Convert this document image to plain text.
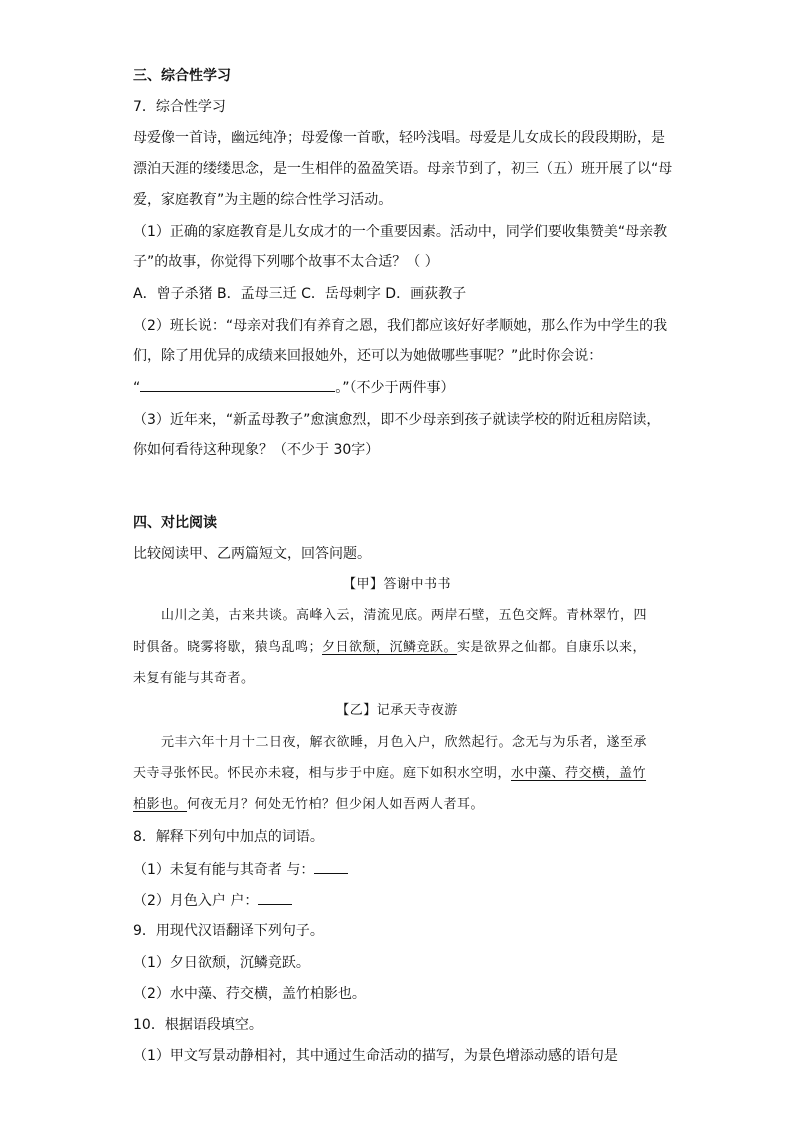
三、综合性学习
7．综合性学习
母爱像一首诗，幽远纯净；母爱像一首歌，轻吟浅唱。母爱是儿女成长的段段期盼，是
漂泊天涯的缕缕思念，是一生相伴的盈盈笑语。母亲节到了，初三（五）班开展了以“母
爱，家庭教育”为主题的综合性学习活动。
（1）正确的家庭教育是儿女成才的一个重要因素。活动中，同学们要收集赞美“母亲教
子”的故事，你觉得下列哪个故事不太合适？（ ）
A．曾子杀猪 B．孟母三迁 C．岳母刺字 D．画荻教子
（2）班长说：“母亲对我们有养育之恩，我们都应该好好孝顺她，那么作为中学生的我
们，除了用优异的成绩来回报她外，还可以为她做哪些事呢？”此时你会说：
“	。”（不少于两件事）
（3）近年来，“新孟母教子”愈演愈烈，即不少母亲到孩子就读学校的附近租房陪读，
你如何看待这种现象？（不少于 30字）
四、对比阅读
比较阅读甲、乙两篇短文，回答问题。
【甲】答谢中书书
山川之美，古来共谈。高峰入云，清流见底。两岸石壁，五色交辉。青林翠竹，四
时俱备。晓雾将歇，猿鸟乱鸣；夕日欲颓，沉鳞竞跃。实是欲界之仙都。自康乐以来，
未复有能与其奇者。
【乙】记承天寺夜游
元丰六年十月十二日夜，解衣欲睡，月色入户，欣然起行。念无与为乐者，遂至承
天寺寻张怀民。怀民亦未寝，相与步于中庭。庭下如积水空明，水中藻、荇交横，盖竹
柏影也。何夜无月？何处无竹柏？但少闲人如吾两人者耳。
8．解释下列句中加点的词语。
（1）未复有能与其奇者 与：
（2）月色入户 户：
9．用现代汉语翻译下列句子。
（1）夕日欲颓，沉鳞竞跃。
（2）水中藻、荇交横，盖竹柏影也。
10．根据语段填空。
（1）甲文写景动静相衬，其中通过生命活动的描写，为景色增添动感的语句是
